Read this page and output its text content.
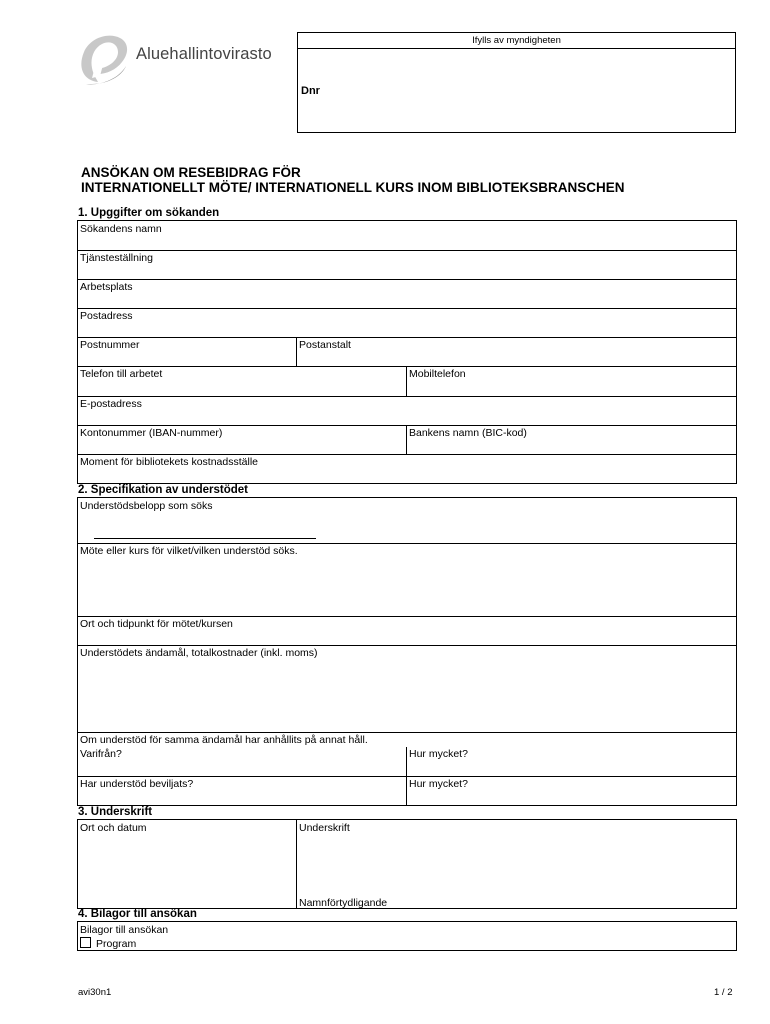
Aluehallintovirasto
Ifylls av myndigheten
Dnr
ANSÖKAN OM RESEBIDRAG FÖR
INTERNATIONELLT MÖTE/ INTERNATIONELL KURS INOM BIBLIOTEKSBRANSCHEN
1. Upggifter om sökanden
Sökandens namn
Tjänsteställning
Arbetsplats
Postadress
Postnummer	Postanstalt
Telefon till arbetet	Mobiltelefon
E-postadress
Kontonummer (IBAN-nummer)	Bankens namn (BIC-kod)
Moment för bibliotekets kostnadsställe
2. Specifikation av understödet
Understödsbelopp som söks
Möte eller kurs för vilket/vilken understöd söks.
Ort och tidpunkt för mötet/kursen
Understödets ändamål, totalkostnader (inkl. moms)
Om understöd för samma ändamål har anhållits på annat håll.
Varifrån?	Hur mycket?
Har understöd beviljats?	Hur mycket?
3. Underskrift
Ort och datum	Underskrift
Namnförtydligande
4. Bilagor till ansökan
Bilagor till ansökan
Program
avi30n1	1 / 2
